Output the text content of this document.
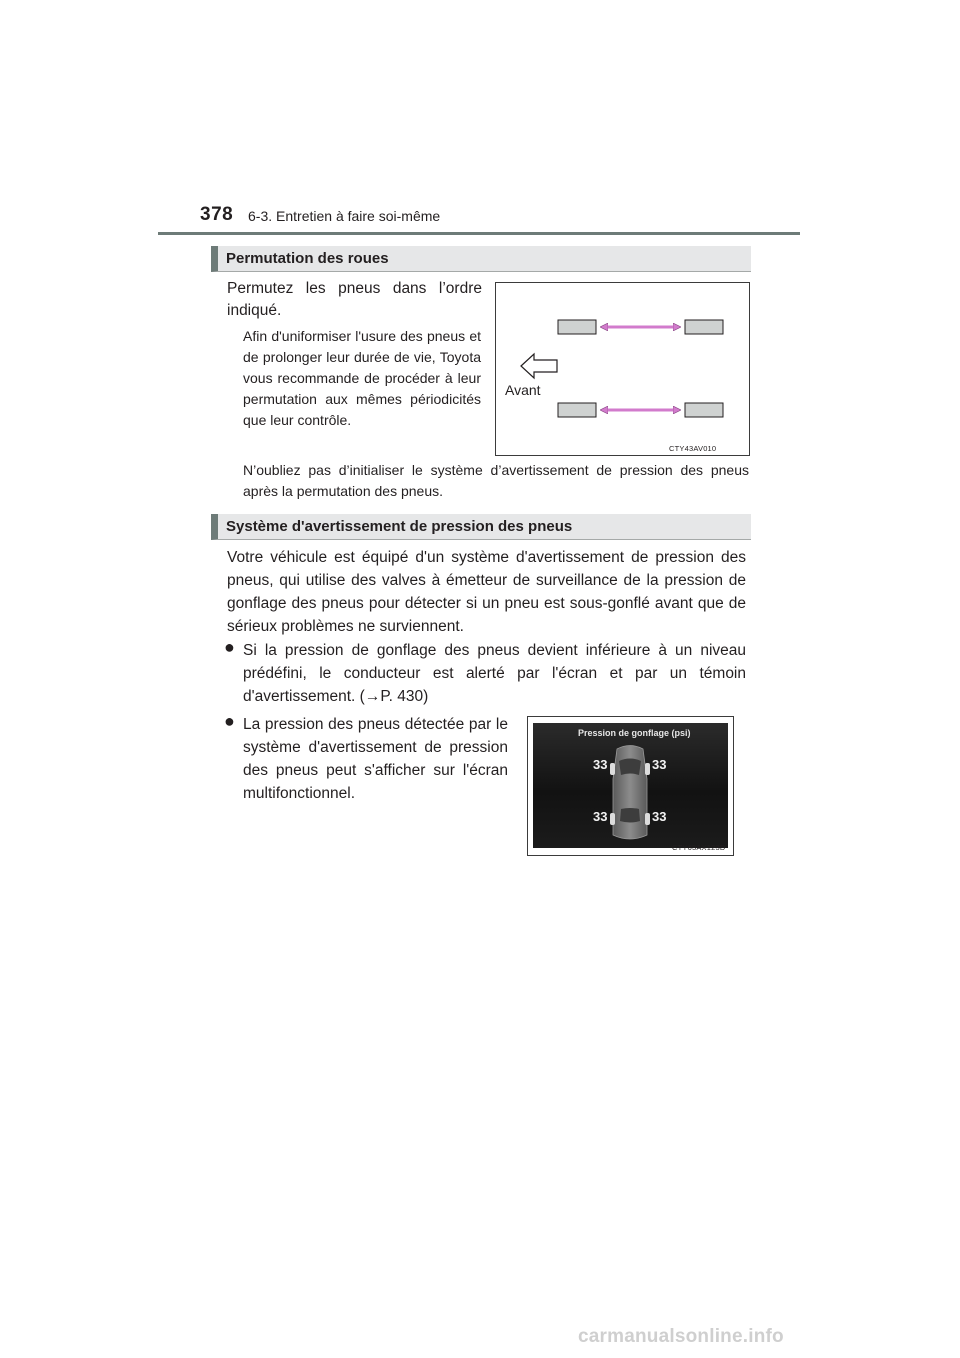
378 6-3. Entretien à faire soi-même
Permutation des roues
Permutez les pneus dans l’ordre indiqué.
Afin d'uniformiser l'usure des pneus et de prolonger leur durée de vie, Toyota vous recommande de procéder à leur permutation aux mêmes périodicités que leur contrôle.
Avant
CTY43AV010
N’oubliez pas d’initialiser le système d’avertissement de pression des pneus après la permutation des pneus.
Système d'avertissement de pression des pneus
Votre véhicule est équipé d'un système d'avertissement de pression des pneus, qui utilise des valves à émetteur de surveillance de la pression de gonflage des pneus pour détecter si un pneu est sous-gonflé avant que de sérieux problèmes ne surviennent.
● Si la pression de gonflage des pneus devient inférieure à un niveau prédéfini, le conducteur est alerté par l'écran et par un témoin d'avertissement. (→P. 430)
● La pression des pneus détectée par le système d'avertissement de pression des pneus peut s'afficher sur l'écran multifonctionnel.
Pression de gonflage (psi)
33	33
33	33
CTY63AX123D
carmanualsonline.info
